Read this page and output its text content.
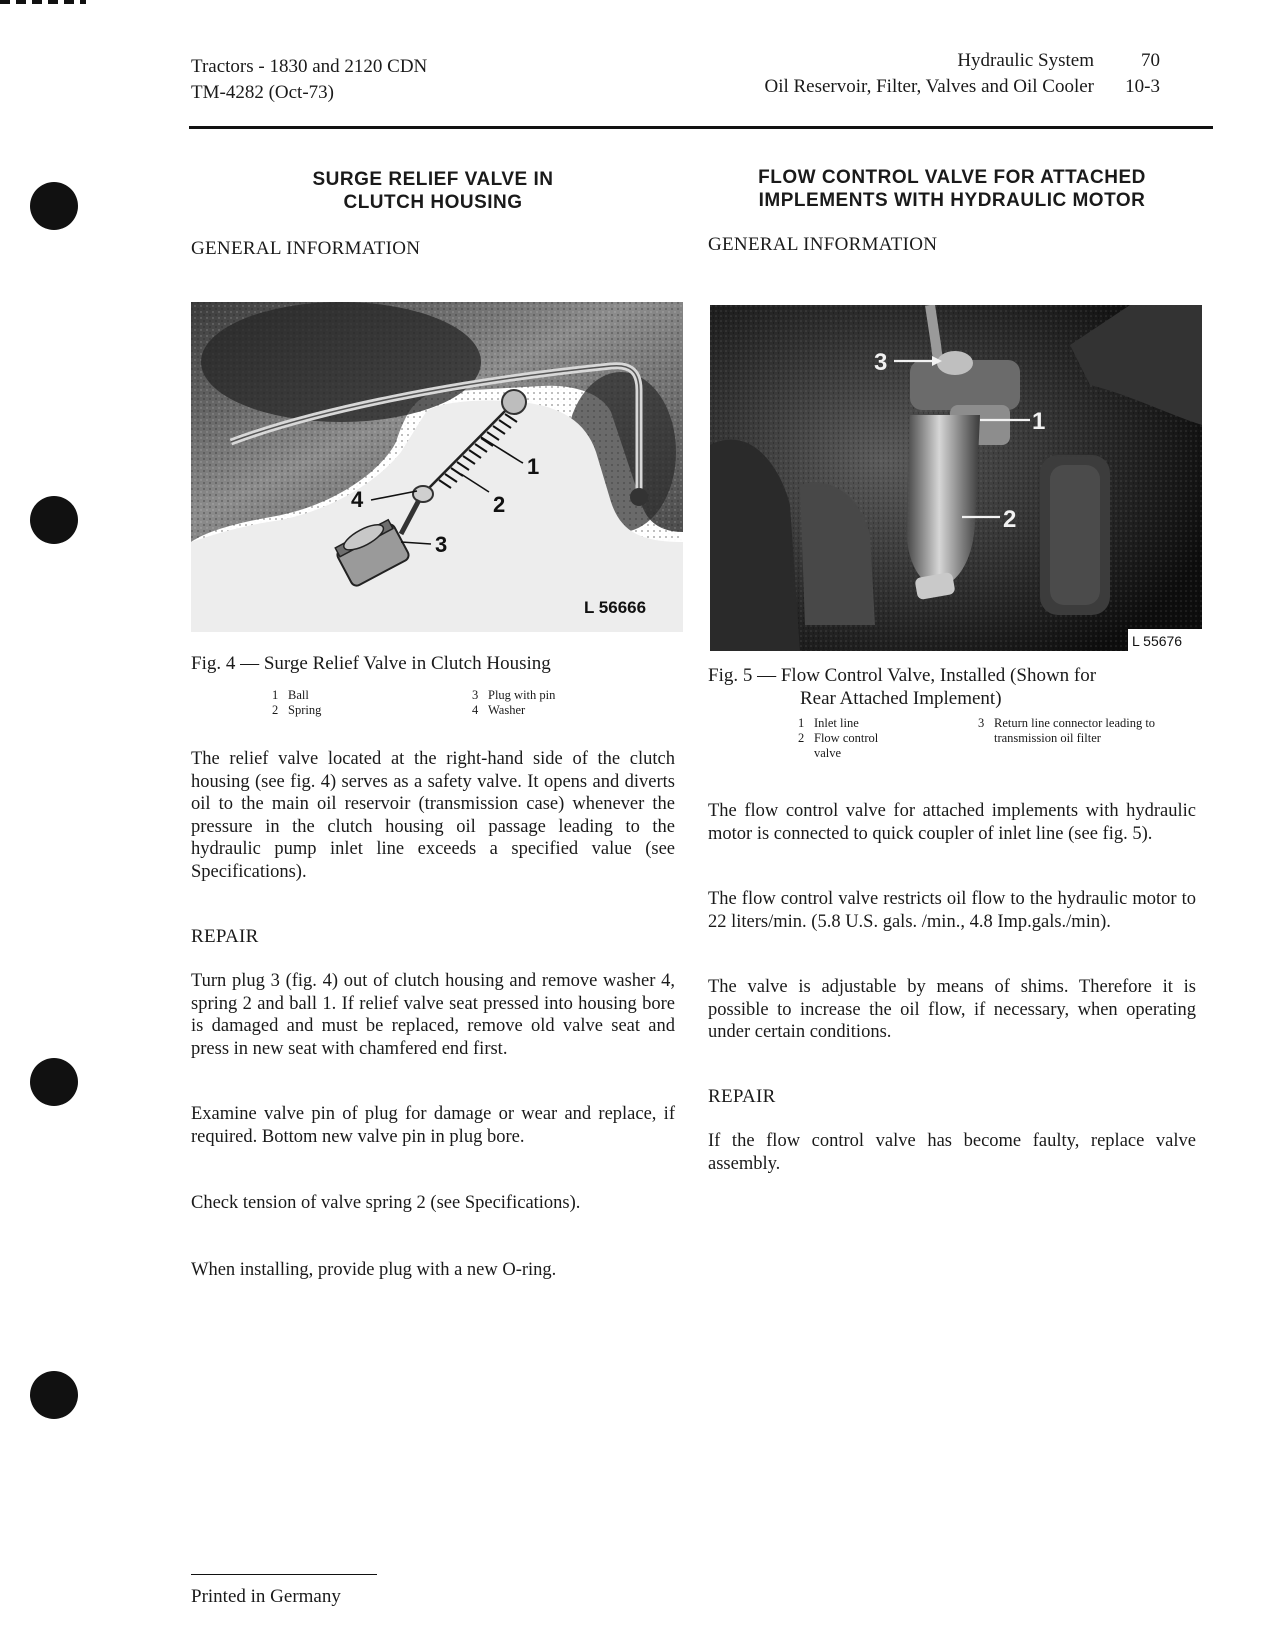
Tractors - 1830 and 2120 CDN
TM-4282 (Oct-73)
Hydraulic System	70
Oil Reservoir, Filter, Valves and Oil Cooler	10-3
SURGE RELIEF VALVE IN
CLUTCH HOUSING
GENERAL INFORMATION
1
2
3
4
L 56666
Fig. 4 — Surge Relief Valve in Clutch Housing
1 Ball	3 Plug with pin
2 Spring	4 Washer
The relief valve located at the right-hand side of the clutch housing (see fig. 4) serves as a safety valve. It opens and diverts oil to the main oil reservoir (transmission case) whenever the pressure in the clutch housing oil passage leading to the hydraulic pump inlet line exceeds a specified value (see Specifications).
REPAIR
Turn plug 3 (fig. 4) out of clutch housing and remove washer 4, spring 2 and ball 1. If relief valve seat pressed into housing bore is damaged and must be replaced, remove old valve seat and press in new seat with chamfered end first.
Examine valve pin of plug for damage or wear and replace, if required. Bottom new valve pin in plug bore.
Check tension of valve spring 2 (see Specifications).
When installing, provide plug with a new O-ring.
FLOW CONTROL VALVE FOR ATTACHED
IMPLEMENTS WITH HYDRAULIC MOTOR
GENERAL INFORMATION
1
2
3
L 55676
Fig. 5 — Flow Control Valve, Installed (Shown for
Rear Attached Implement)
1 Inlet line	3 Return line connector leading to transmission oil filter
2 Flow control valve
The flow control valve for attached implements with hydraulic motor is connected to quick coupler of inlet line (see fig. 5).
The flow control valve restricts oil flow to the hydraulic motor to 22 liters/min. (5.8 U.S. gals. /min., 4.8 Imp.gals./min).
The valve is adjustable by means of shims. Therefore it is possible to increase the oil flow, if necessary, when operating under certain conditions.
REPAIR
If the flow control valve has become faulty, replace valve assembly.
Printed in Germany
